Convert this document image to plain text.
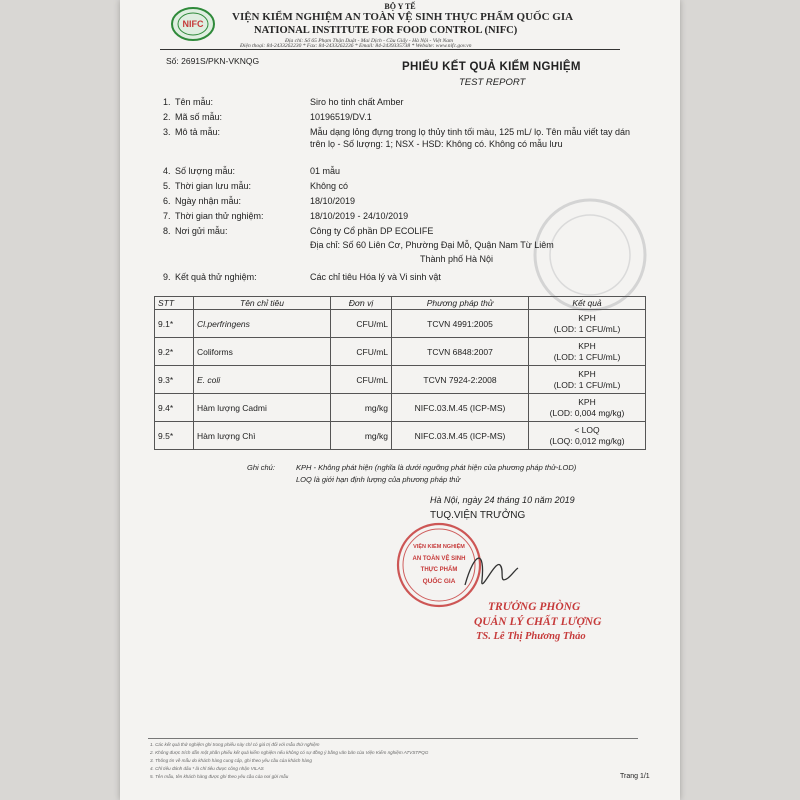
NIFC
BỘ Y TẾ
VIỆN KIỂM NGHIỆM AN TOÀN VỆ SINH THỰC PHẨM QUỐC GIA
NATIONAL INSTITUTE FOR FOOD CONTROL (NIFC)
Địa chỉ: Số 65 Phạm Thận Duật - Mai Dịch - Cầu Giấy - Hà Nội - Việt Nam
Điện thoại: 84-2433262230 * Fax: 84-2433262236 * Email: 84-2439335738 * Website: www.nifc.gov.vn
Số: 2691S/PKN-VKNQG	PHIẾU KẾT QUẢ KIỂM NGHIỆM
TEST REPORT
1. Tên mẫu:	Siro ho tinh chất Amber
2. Mã số mẫu:	10196519/DV.1
3. Mô tả mẫu:	Mẫu dạng lỏng đựng trong lọ thủy tinh tối màu, 125 mL/ lọ. Tên mẫu viết tay dán trên lọ - Số lượng: 1; NSX - HSD: Không có. Không có mẫu lưu
4. Số lượng mẫu:	01 mẫu
5. Thời gian lưu mẫu:	Không có
6. Ngày nhận mẫu:	18/10/2019
7. Thời gian thử nghiệm:	18/10/2019 - 24/10/2019
8. Nơi gửi mẫu:	Công ty Cổ phần DP ECOLIFE
Địa chỉ: Số 60 Liên Cơ, Phường Đại Mỗ, Quận Nam Từ Liêm
Thành phố Hà Nội
9. Kết quả thử nghiệm:	Các chỉ tiêu Hóa lý và Vi sinh vật
STT	Tên chỉ tiêu	Đơn vị	Phương pháp thử	Kết quả
9.1*	Cl.perfringens	CFU/mL	TCVN 4991:2005	KPH
(LOD: 1 CFU/mL)

9.2*	Coliforms	CFU/mL	TCVN 6848:2007	KPH
(LOD: 1 CFU/mL)

9.3*	E. coli	CFU/mL	TCVN 7924-2:2008	KPH
(LOD: 1 CFU/mL)

9.4*	Hàm lượng Cadmi	mg/kg	NIFC.03.M.45 (ICP-MS)	KPH
(LOD: 0,004 mg/kg)

9.5*	Hàm lượng Chì	mg/kg	NIFC.03.M.45 (ICP-MS)	< LOQ
(LOQ: 0,012 mg/kg)
Ghi chú:	KPH - Không phát hiện (nghĩa là dưới ngưỡng phát hiện của phương pháp thử-LOD)
LOQ là giới hạn định lượng của phương pháp thử
Hà Nội, ngày 24 tháng 10 năm 2019
TUQ.VIỆN TRƯỞNG
VIỆN KIỂM NGHIỆM
AN TOÀN VỆ SINH
THỰC PHẨM
QUỐC GIA
TRƯỞNG PHÒNG
QUẢN LÝ CHẤT LƯỢNG
TS. Lê Thị Phương Thảo
1. Các kết quả thử nghiệm ghi trong phiếu này chỉ có giá trị đối với mẫu thử nghiệm
2. Không được trích dẫn một phần phiếu kết quả kiểm nghiệm nếu không có sự đồng ý bằng văn bản của Viện Kiểm nghiệm ATVSTPQG
3. Thông tin về mẫu do khách hàng cung cấp, ghi theo yêu cầu của khách hàng
4. Chỉ tiêu đánh dấu * là chỉ tiêu được công nhận VILAS
5. Tên mẫu, tên khách hàng được ghi theo yêu cầu của nơi gửi mẫu	Trang 1/1
